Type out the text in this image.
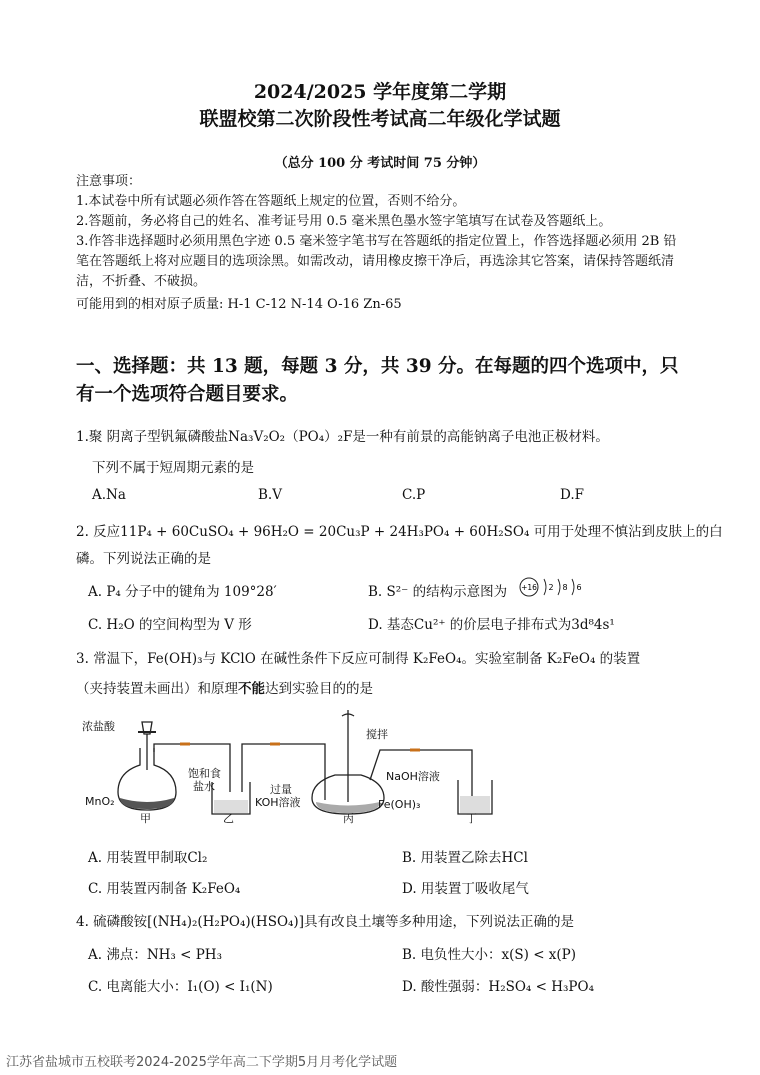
2024/2025 学年度第二学期
联盟校第二次阶段性考试高二年级化学试题
（总分 100 分 考试时间 75 分钟）
注意事项：
1.本试卷中所有试题必须作答在答题纸上规定的位置，否则不给分。
2.答题前，务必将自己的姓名、准考证号用 0.5 毫米黑色墨水签字笔填写在试卷及答题纸上。
3.作答非选择题时必须用黑色字迹 0.5 毫米签字笔书写在答题纸的指定位置上，作答选择题必须用 2B 铅笔在答题纸上将对应题目的选项涂黑。如需改动，请用橡皮擦干净后，再选涂其它答案，请保持答题纸清洁，不折叠、不破损。
可能用到的相对原子质量: H-1 C-12 N-14 O-16 Zn-65
一、选择题：共 13 题，每题 3 分，共 39 分。在每题的四个选项中，只有一个选项符合题目要求。
1.聚 阴离子型钒氟磷酸盐Na₃V₂O₂（PO₄）₂F是一种有前景的高能钠离子电池正极材料。
下列不属于短周期元素的是
A.Na	B.V	C.P	D.F
2. 反应11P₄ + 60CuSO₄ + 96H₂O = 20Cu₃P + 24H₃PO₄ + 60H₂SO₄ 可用于处理不慎沾到皮肤上的白
磷。下列说法正确的是
A. P₄ 分子中的键角为 109°28′	B. S²⁻ 的结构示意图为 +16 2 8 6
C. H₂O 的空间构型为 V 形	D. 基态Cu²⁺ 的价层电子排布式为3d⁸4s¹
3. 常温下，Fe(OH)₃与 KClO 在碱性条件下反应可制得 K₂FeO₄。实验室制备 K₂FeO₄ 的装置
（夹持装置未画出）和原理不能达到实验目的的是
浓盐酸
MnO₂
饱和食
盐水
搅拌
过量
KOH溶液	Fe(OH)₃
NaOH溶液
甲	乙	丙	丁
A. 用装置甲制取Cl₂	B. 用装置乙除去HCl
C. 用装置丙制备 K₂FeO₄	D. 用装置丁吸收尾气
4. 硫磷酸铵[(NH₄)₂(H₂PO₄)(HSO₄)]具有改良土壤等多种用途，下列说法正确的是
A. 沸点：NH₃ < PH₃	B. 电负性大小：x(S) < x(P)
C. 电离能大小：I₁(O) < I₁(N)	D. 酸性强弱：H₂SO₄ < H₃PO₄
江苏省盐城市五校联考2024-2025学年高二下学期5月月考化学试题
